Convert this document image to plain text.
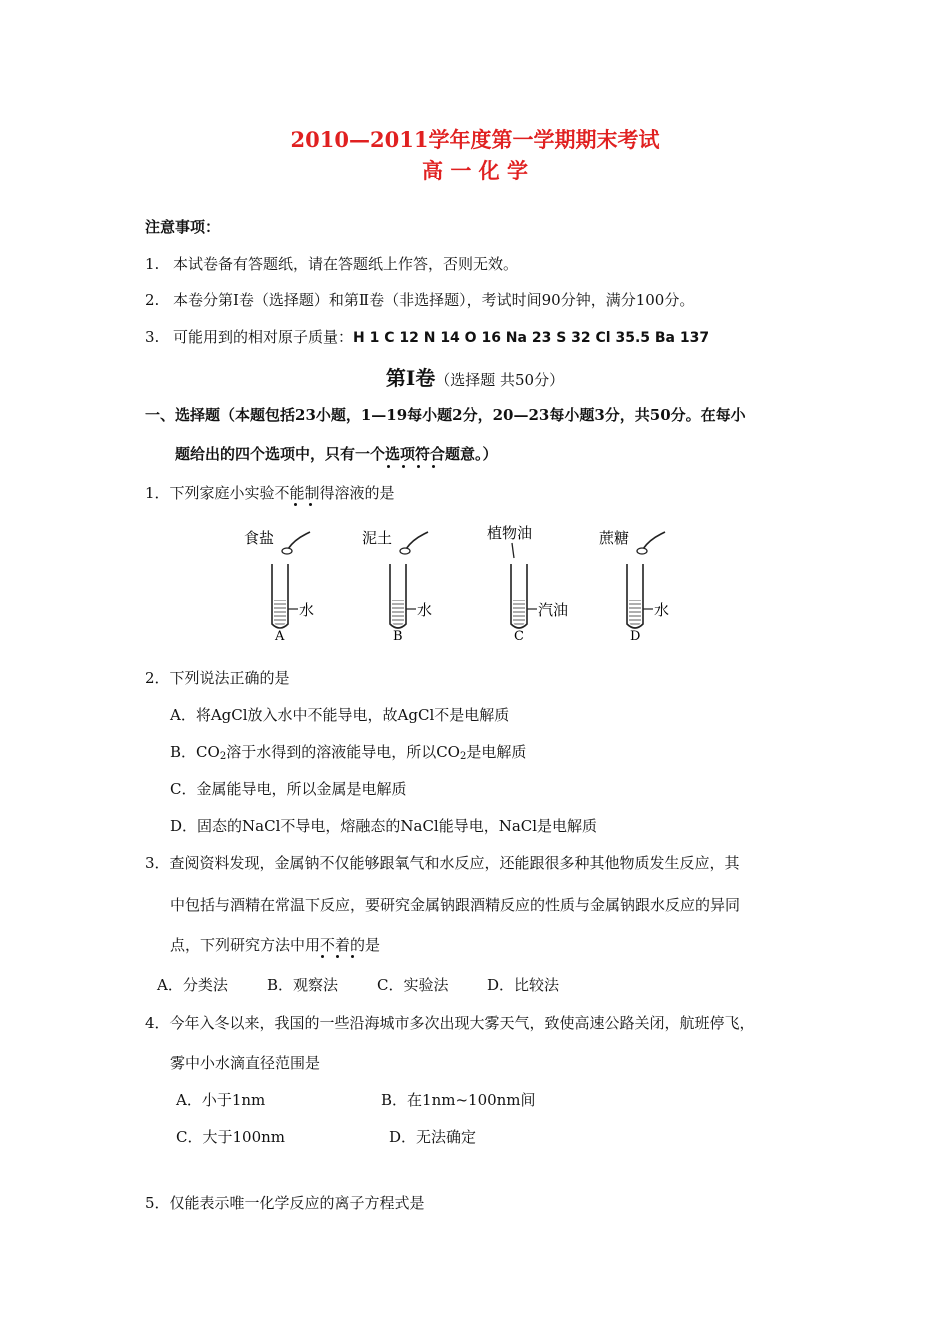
2010—2011学年度第一学期期末考试
高 一 化 学
注意事项：
1. 本试卷备有答题纸，请在答题纸上作答，否则无效。
2. 本卷分第Ⅰ卷（选择题）和第Ⅱ卷（非选择题），考试时间90分钟，满分100分。
3. 可能用到的相对原子质量：H 1 C 12 N 14 O 16 Na 23 S 32 Cl 35.5 Ba 137
第Ⅰ卷（选择题 共50分）
一、选择题（本题包括23小题，1—19每小题2分，20—23每小题3分，共50分。在每小
题给出的四个选项中，只有一个选项符合题意。）
1．下列家庭小实验不能制得溶液的是
食盐
水
A
泥土
水
B
植物油
汽油
C
蔗糖
水
D
2．下列说法正确的是
A．将AgCl放入水中不能导电，故AgCl不是电解质
B．$CO_2$溶于水得到的溶液能导电，所以$CO_2$是电解质
C．金属能导电，所以金属是电解质
D．固态的NaCl不导电，熔融态的NaCl能导电，NaCl是电解质
3．查阅资料发现，金属钠不仅能够跟氧气和水反应，还能跟很多种其他物质发生反应，其
中包括与酒精在常温下反应，要研究金属钠跟酒精反应的性质与金属钠跟水反应的异同
点，下列研究方法中用不着的是
A．分类法	B．观察法	C．实验法	D．比较法
4．今年入冬以来，我国的一些沿海城市多次出现大雾天气，致使高速公路关闭，航班停飞，
雾中小水滴直径范围是
A．小于1nm	B．在1nm~100nm间
C．大于100nm	D．无法确定
5．仅能表示唯一化学反应的离子方程式是
